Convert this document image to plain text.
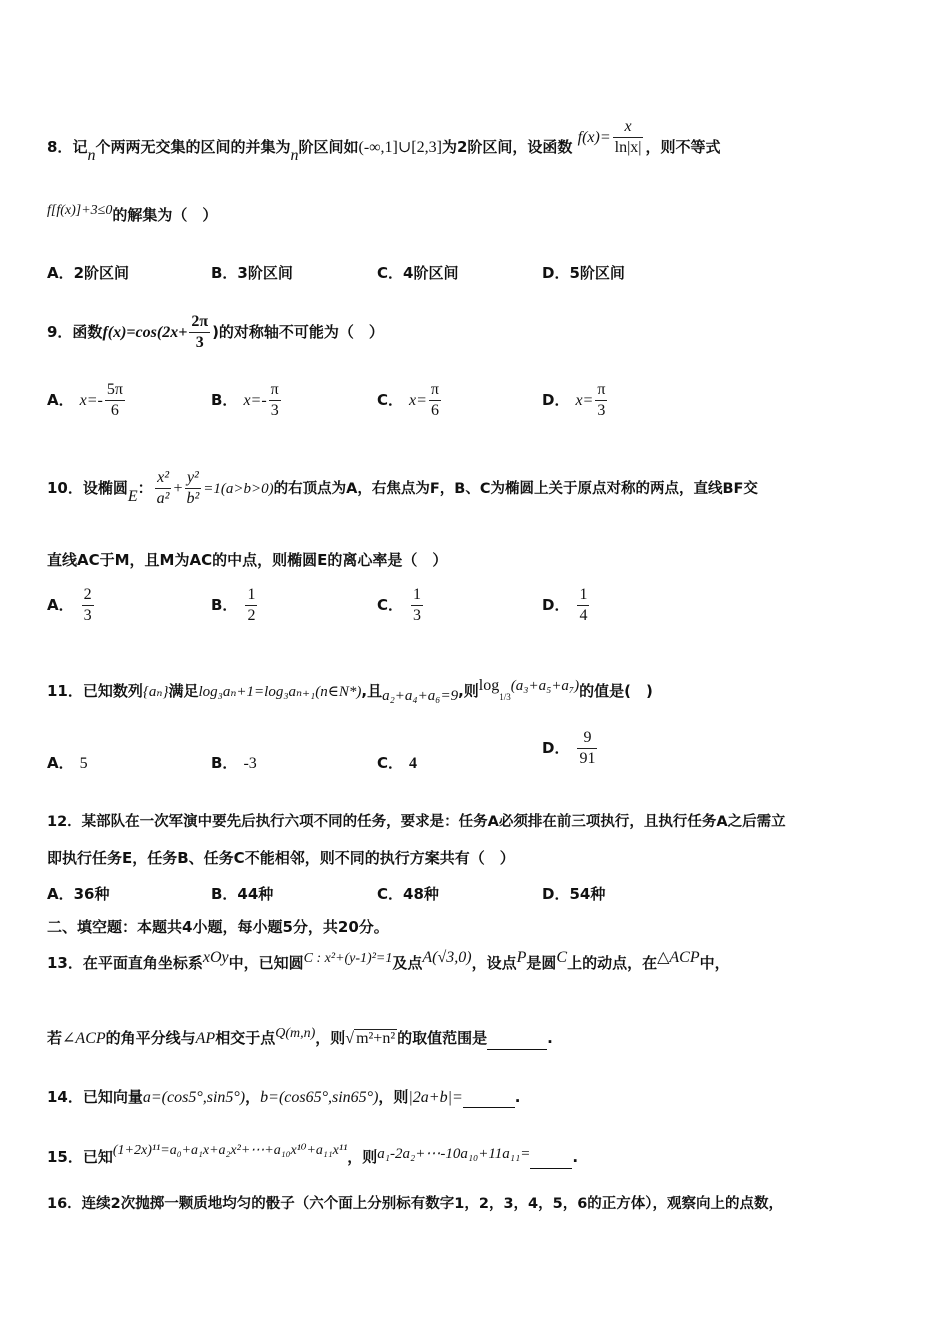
8．记n个两两无交集的区间的并集为n阶区间如(-∞,1]∪[2,3]为2阶区间，设函数 $f(x)= \frac{x}{\ln|x|}$ ，则不等式
f[f(x)]+3≤0的解集为（　）
A．2阶区间	B．3阶区间	C．4阶区间	D．5阶区间
9．函数$f(x)=\cos(2x+ \frac{2\pi}{3}$ )的对称轴不可能为（　）
A． $x=- \frac{5\pi}{6}$	B． $x=- \frac{\pi}{3}$	C． $x= \frac{\pi}{6}$	D． $x= \frac{\pi}{3}$
10．设椭圆E： $\frac{\text{x²}}{\text{a²}} + \frac{\text{y²}}{\text{b²}} =1(a>b>0)$的右顶点为A，右焦点为F，B、C为椭圆上关于原点对称的两点，直线BF交
直线AC于M，且M为AC的中点，则椭圆E的离心率是（　）
A． $\frac{2}{3}$	B． $\frac{1}{2}$	C． $\frac{1}{3}$	D． $\frac{1}{4}$
11．已知数列{aₙ}满足log₃aₙ+1=log₃aₙ₊₁(n∈N*),且a₂+a₄+a₆=9,则$\log_{1/3}(a_3+a_5+a_7)$的值是(　)
A． 5	B． -3	C． 4
D． $\frac{9}{91}$
12．某部队在一次军演中要先后执行六项不同的任务，要求是：任务A必须排在前三项执行，且执行任务A之后需立
即执行任务E，任务B、任务C不能相邻，则不同的执行方案共有（　）
A．36种	B．44种	C．48种	D．54种
二、填空题：本题共4小题，每小题5分，共20分。
13．在平面直角坐标系xOy中，已知圆C : x²+(y-1)²=1及点A(√3,0)，设点P是圆C上的动点，在△ACP中，
若∠ACP的角平分线与AP相交于点Q(m,n)，则√ m²+n² 的取值范围是	.
14．已知向量a=(cos5°,sin5°)，b=(cos65°,sin65°)，则|2a+b|=	.
15．已知(1+2x)¹¹=a₀+a₁x+a₂x²+⋯+a₁₀x¹⁰+a₁₁x¹¹，则a₁-2a₂+⋯-10a₁₀+11a₁₁=	.
16．连续2次抛掷一颗质地均匀的骰子（六个面上分别标有数字1，2，3，4，5，6的正方体），观察向上的点数，
